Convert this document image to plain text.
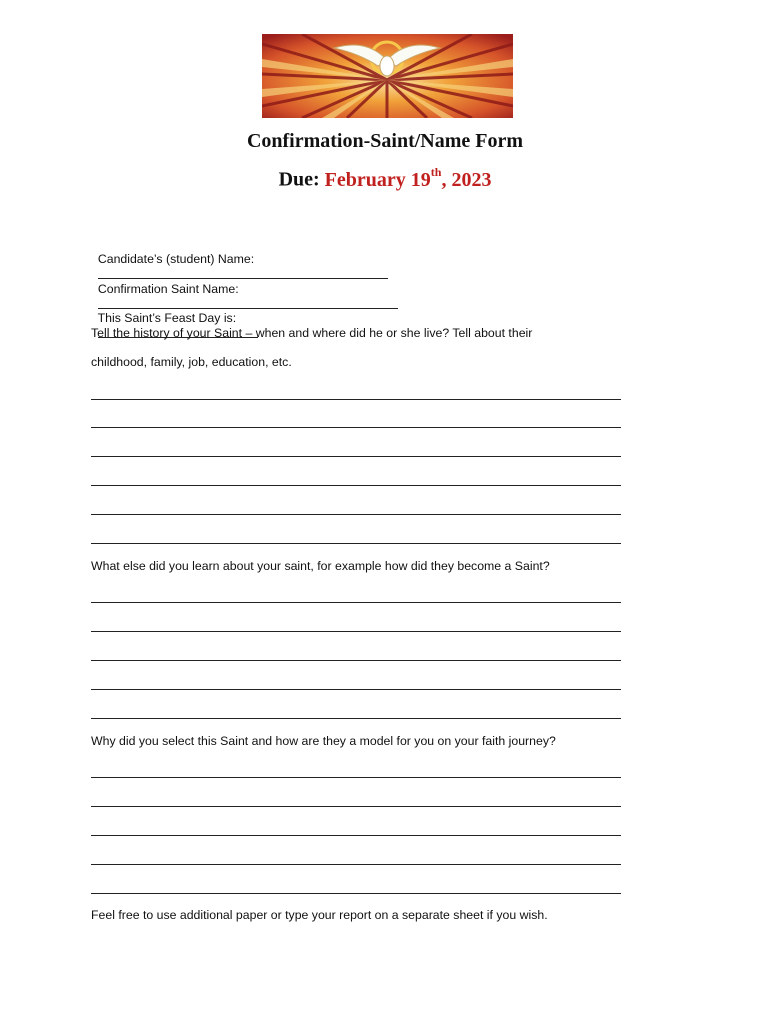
Confirmation-Saint/Name Form
Due: February 19th, 2023

Candidate’s (student) Name:

Confirmation Saint Name:

This Saint’s Feast Day is:

Tell the history of your Saint – when and where did he or she live? Tell about their
childhood, family, job, education, etc.
What else did you learn about your saint, for example how did they become a Saint?
Why did you select this Saint and how are they a model for you on your faith journey?
Feel free to use additional paper or type your report on a separate sheet if you wish.
